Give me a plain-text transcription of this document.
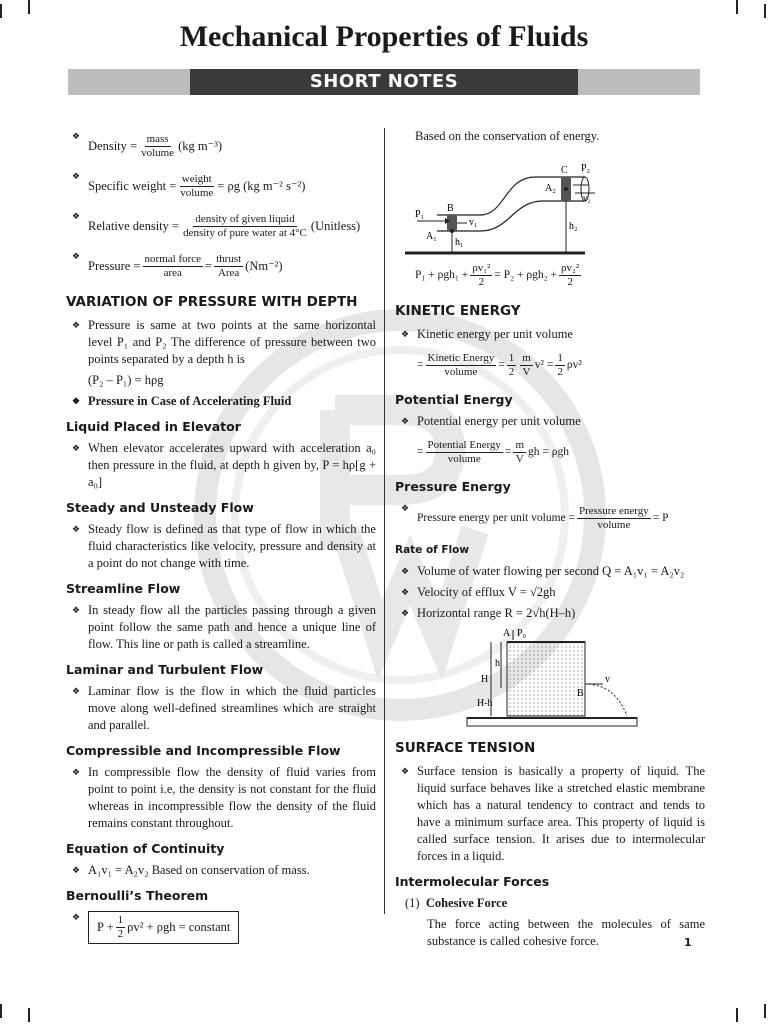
Mechanical Properties of Fluids
SHORT NOTES
❖ Density = $\frac{\text{mass}}{\text{volume}} (kg$ m⁻³)
❖ Specific weight = $\frac{\text{weight}}{\text{volume}} = \rho g$ (kg m⁻² s⁻²)
❖ Relative density = $\frac{\text{density of given liquid}}{\text{density of pure water at 4°C}}$ (Unitless)
❖ Pressure = $\frac{\text{normal force}}{\text{area}} = \frac{\text{thrust}}{\text{Area}} (Nm^{-2})$
VARIATION OF PRESSURE WITH DEPTH
❖ Pressure is same at two points at the same horizontal level P₁ and P₂ The difference of pressure between two points separated by a depth h is
(P₂ – P₁) = hρg
❖ Pressure in Case of Accelerating Fluid
Liquid Placed in Elevator
❖ When elevator accelerates upward with acceleration a₀ then pressure in the fluid, at depth h given by, P = hρ[g + a₀]
Steady and Unsteady Flow
❖ Steady flow is defined as that type of flow in which the fluid characteristics like velocity, pressure and density at a point do not change with time.
Streamline Flow
❖ In steady flow all the particles passing through a given point follow the same path and hence a unique line of flow. This line or path is called a streamline.
Laminar and Turbulent Flow
❖ Laminar flow is the flow in which the fluid particles move along well-defined streamlines which are straight and parallel.
Compressible and Incompressible Flow
❖ In compressible flow the density of fluid varies from point to point i.e, the density is not constant for the fluid whereas in incompressible flow the density of the fluid remains constant throughout.
Equation of Continuity
❖ A₁v₁ = A₂v₂ Based on conservation of mass.
Bernoulli’s Theorem
❖ $P + \frac{1}{2} \rho v^2 + \rho gh$ = constant
Based on the conservation of energy.
P₁
B
A₁
v₁
h₁
C
A₂
P₂
v₂
h₂
$P_1 + \rho gh_1 + \frac{\text{ρv₁²}}{2} = P_2 + \rho gh_2 + \frac{\text{ρv₂²}}{2}$
KINETIC ENERGY
❖ Kinetic energy per unit volume
= $\frac{\text{Kinetic Energy}}{\text{volume}} = \frac{1}{2} \frac{m}{V} v^2 = \frac{1}{2} \rho v^2$
Potential Energy
❖ Potential energy per unit volume
= $\frac{\text{Potential Energy}}{\text{volume}} = \frac{m}{V}$ gh = ρgh
Pressure Energy
❖ Pressure energy per unit volume = $\frac{\text{Pressure energy}}{\text{volume}} = P$
Rate of Flow
❖ Volume of water flowing per second Q = A₁v₁ = A₂v₂
❖ Velocity of efflux V = √2gh
❖ Horizontal range R = 2√h(H–h)
A P₀
h
H
H-h
B
v
SURFACE TENSION
❖ Surface tension is basically a property of liquid. The liquid surface behaves like a stretched elastic membrane which has a natural tendency to contract and tends to have a minimum surface area. This property of liquid is called surface tension. It arises due to intermolecular forces in a liquid.
Intermolecular Forces
(1) Cohesive Force
The force acting between the molecules of same substance is called cohesive force.	1
